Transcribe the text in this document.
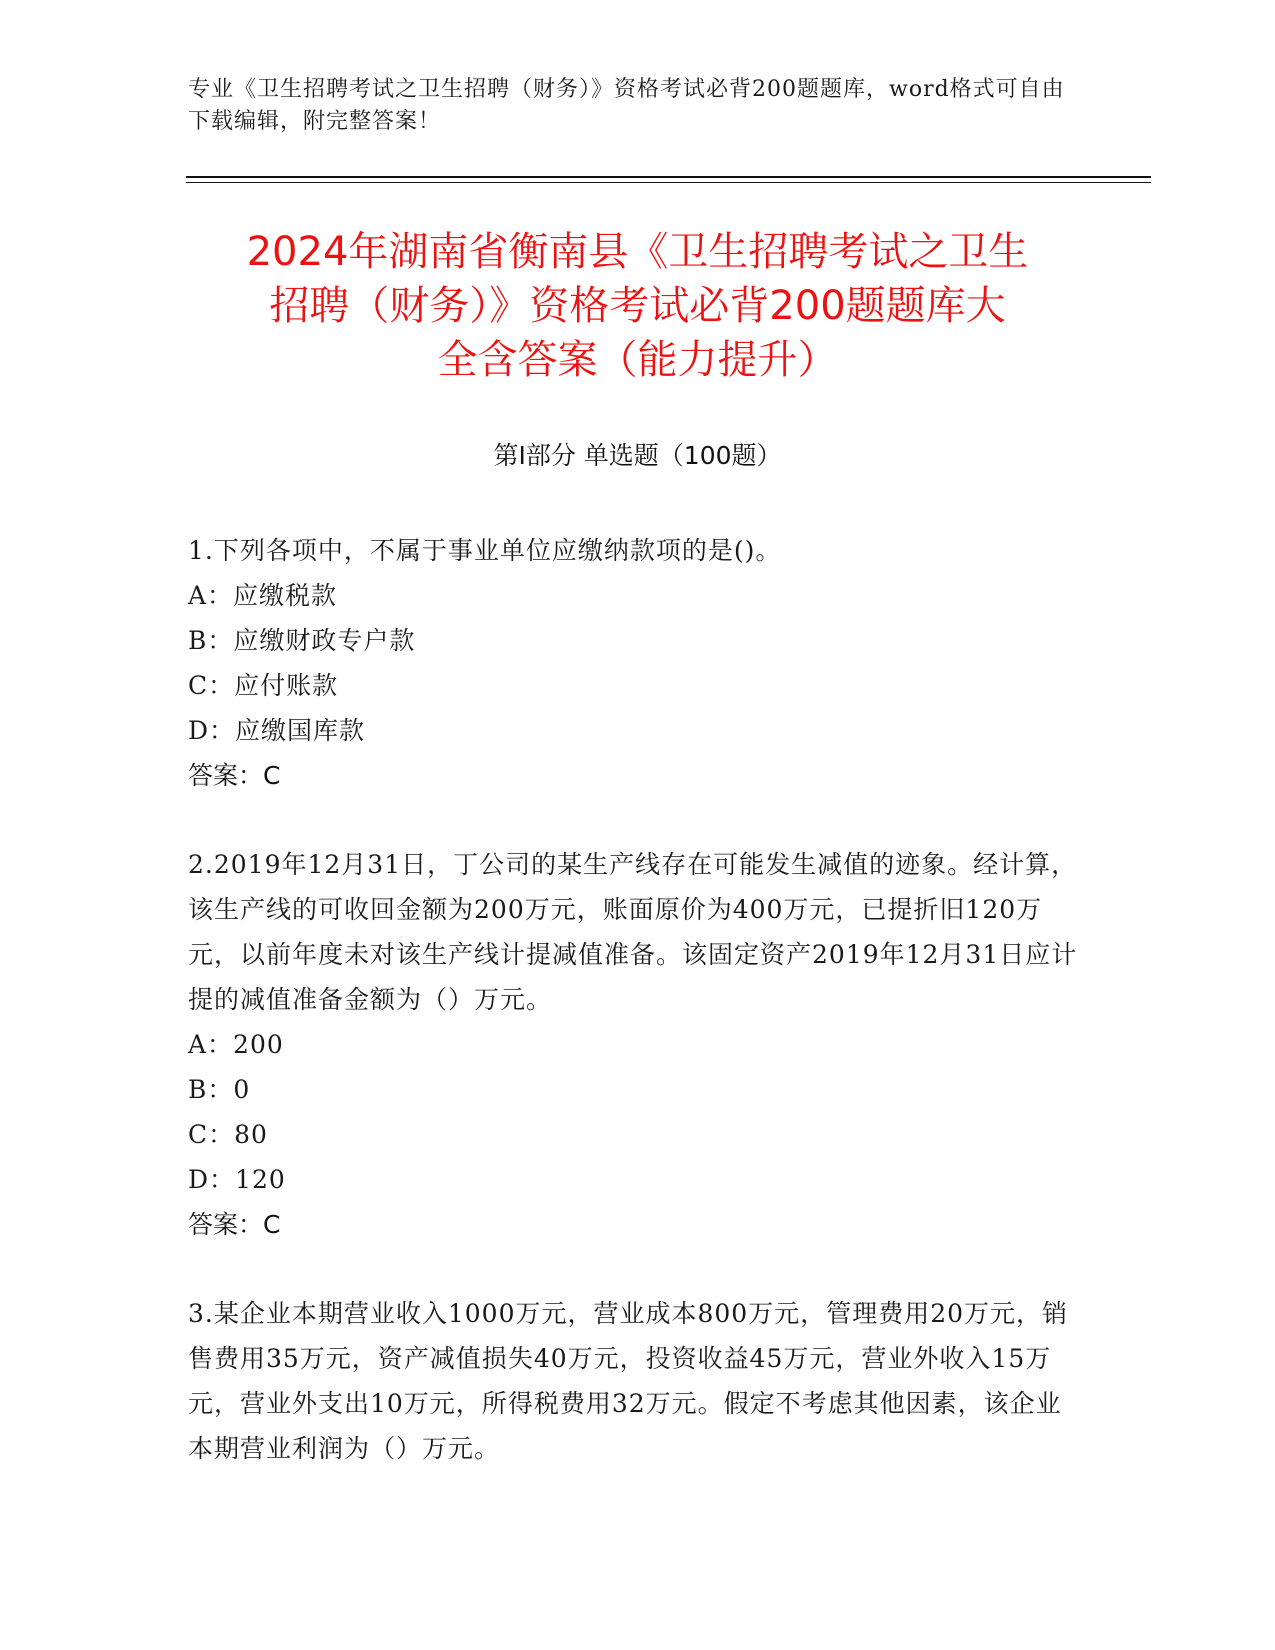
专业《卫生招聘考试之卫生招聘（财务）》资格考试必背200题题库，word格式可自由下载编辑，附完整答案！
2024年湖南省衡南县《卫生招聘考试之卫生
招聘（财务）》资格考试必背200题题库大
全含答案（能力提升）
第I部分 单选题（100题）

1.下列各项中，不属于事业单位应缴纳款项的是()。

A：应缴税款

B：应缴财政专户款

C：应付账款

D：应缴国库款

答案：C

2.2019年12月31日，丁公司的某生产线存在可能发生减值的迹象。经计算，该生产线的可收回金额为200万元，账面原价为400万元，已提折旧120万元，以前年度未对该生产线计提减值准备。该固定资产2019年12月31日应计提的减值准备金额为（）万元。

A：200

B：0

C：80

D：120

答案：C

3.某企业本期营业收入1000万元，营业成本800万元，管理费用20万元，销售费用35万元，资产减值损失40万元，投资收益45万元，营业外收入15万元，营业外支出10万元，所得税费用32万元。假定不考虑其他因素，该企业本期营业利润为（）万元。
